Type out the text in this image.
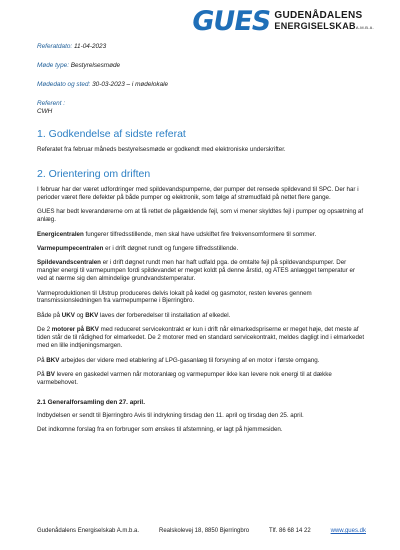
GUES GUDENÅDALENS
ENERGISELSKABA.M.B.A.
Referatdato: 11-04-2023
Møde type: Bestyrelsesmøde
Mødedato og sted: 30-03-2023 – i mødelokale
Referent :
CWH
1. Godkendelse af sidste referat

Referatet fra februar måneds bestyrelsesmøde er godkendt med elektroniske underskrifter.

2. Orientering om driften

I februar har der været udfordringer med spildevandspumperne, der pumper det rensede spildevand til SPC. Der har i perioder været flere defekter på både pumper og elektronik, som følge af strømudfald på nettet flere gange.

GUES har bedt leverandørerne om at få rettet de pågældende fejl, som vi mener skyldtes fejl i pumper og opsætning af anlæg.

Energicentralen fungerer tilfredsstillende, men skal have udskiftet fire frekvensomformere til sommer.

Varmepumpecentralen er i drift døgnet rundt og fungere tilfredsstillende.

Spildevandscentralen er i drift døgnet rundt men har haft udfald pga. de omtalte fejl på spildevandspumper. Der mangler energi til varmepumpen fordi spildevandet er meget koldt på denne årstid, og ATES anlægget temperatur er ved at nærme sig den almindelige grundvandstemperatur.

Varmeproduktionen til Ulstrup produceres delvis lokalt på kedel og gasmotor, resten leveres gennem transmissionsledningen fra varmepumperne i Bjerringbro.

Både på UKV og BKV laves der forberedelser til installation af elkedel.

De 2 motorer på BKV med reduceret servicekontrakt er kun i drift når elmarkedspriserne er meget høje, det meste af tiden står de til rådighed for elmarkedet. De 2 motorer med en standard servicekontrakt, meldes dagligt ind i elmarkedet med en lille indtjeningsmargen.

På BKV arbejdes der videre med etablering af LPG-gasanlæg til forsyning af en motor i første omgang.

På BV levere en gaskedel varmen når motoranlæg og varmepumper ikke kan levere nok energi til at dække varmebehovet.

2.1 Generalforsamling den 27. april.

Indbydelsen er sendt til Bjerringbro Avis til indrykning tirsdag den 11. april og tirsdag den 25. april.

Det indkomne forslag fra en forbruger som ønskes til afstemning, er lagt på hjemmesiden.

Gudenådalens Energiselskab A.m.b.a.	Realskolevej 18, 8850 Bjerringbro	Tlf. 86 68 14 22	www.gues.dk
